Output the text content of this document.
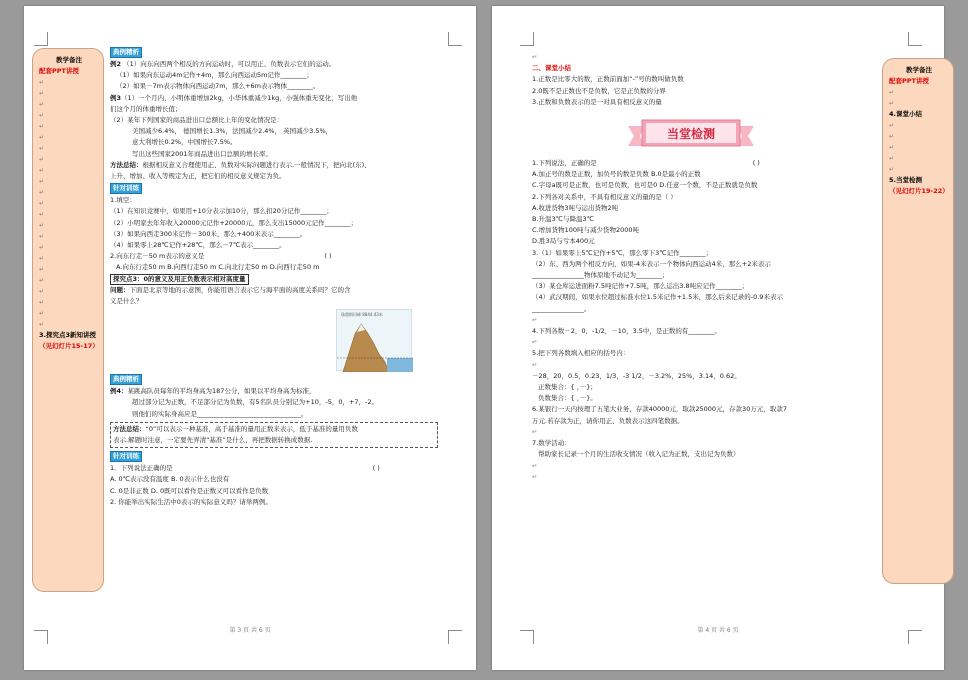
教学备注
配套PPT讲授
↵
↵
↵
↵
↵
↵
↵
↵
↵
↵
↵
↵
↵
↵
↵
↵
↵
↵
↵
↵
↵
↵
↵
3.探究点3新知讲授
（见幻灯片15-17）
典例精析
例2 （1）向东向西两个相反的方向运动时，可以用正、负数表示它们的运动。
（1）如果向东运动4m记作+4m，那么向西运动5m记作________；
（2）如果－7m表示物体向西运动7m，那么+6m表示物体________。
例3（1）一个月内，小明体重增加2kg，小华体重减少1kg，小强体重无变化，写出他
们这个月的体重增长值；
（2）某年下列国家的商品进出口总额比上年的变化情况是：
美国减少6.4%， 德国增长1.3%，法国减少2.4%， 英国减少3.5%，
意大利增长0.2%，中国增长7.5%。
写出这些国家2001年商品进出口总额的增长率。
方法总结：根据相反意义合理使用正、负数对实际问题进行表示.一般情况下，把向北(东)、
上升、增加、收入等规定为正，把它们的相反意义规定为负。
针对训练
1.填空：
（1）在知识竞赛中，如果用+10分表示加10分，那么扣20分记作________；
（2）小明家去年年收入20000元记作+20000元，那么支出15000元记作________；
（3）如果向西走300米记作－300米，那么+400米表示________。
（4）如果零上28℃记作+28℃，那么－7℃表示________。
2.向东行走－50 m表示的意义是	( )
A.向东行走50 m B.向西行走50 m C.向北行走50 m D.向西行走50 m
探究点3：0的意义及用正负数表示相对高度量
问题：下面是北京等地的示意图，你能用语言表示它与海平面的高度关系吗？它的含
义是什么？
珠穆朗玛峰 8844.43米
典例精析
例4：某跳高队员每年的平均身高为187公分，如果以平均身高为标准，
超过部分记为正数，不足部分记为负数，有5名队员分别记为+10，-5，0，+7，-2。
则他们的实际身高应是________________________________。
方法总结：“0”可以表示一种基准，高于基准的量用正数来表示，低于基准的量用负数
表示.解题时注意，一定要先弄清“基准”是什么，再把数据转换成数据.
针对训练
1．下列说法正确的是	( )
A. 0℃表示没有温度 B. 0表示什么也没有
C. 0是非正数 D. 0既可以看作是正数又可以看作是负数
2. 你能举出实际生活中0表示的实际意义吗？请举两例。
第 3 页 共 6 页
教学备注
配套PPT讲授
↵
↵
4.课堂小结
↵
↵
↵
↵
↵
5.当堂检测
（见幻灯片19-22）
↵
二、课堂小结
1.正数是比零大的数，正数前面加“-”号的数叫做负数
2.0既不是正数也不是负数，它是正负数的分界
3.正数和负数表示的是一对具有相反意义的量
当堂检测
1.下列说法，正确的是	( )
A.加正号的数是正数，加负号的数是负数 B.0是最小的正数
C.字母a既可是正数，也可是负数，也可是0 D.任意一个数，不是正数就是负数
2.下列各对关系中，不具有相反意义的量的是（ ）
A.收进货物3吨与运出货物2吨
B.升温3℃与降温3℃
C.增加货物100吨与减少货物2000吨
D.胜3局与亏本400元
3.（1）如果零上5℃记作+5℃，那么零下3℃记作________；
（2）东、西为两个相反方向，如果-4米表示一个物体向西运动4米，那么+2米表示
________________物体原地不动记为________；
（3）某仓库运进面粉7.5吨记作+7.5吨，那么运出3.8吨应记作________；
（4）武汉期间，如果水位超过标准水位1.5米记作+1.5米，那么后来记录的-0.9米表示
________________。
↵
4.下列各数－2，0，-1/2，－10，3.5中，是正数的有________。
↵
5.把下列各数填入相应的括号内：
↵
－28，20，0.5，0.23，1/3，-3 1/2，－3.2%，25%，3.14，0.62。
正数集合：{ ，···}；
负数集合：{ ，···}。
6.某银行一天内按理了五笔大业务，存款40000元，取款25000元，存款30万元，取款7
万元.若存款为正，请你用正、负数表示这四笔数据。
↵
7.数学活动：
帮助家长记录一个月的生活收支情况（收入记为正数，支出记为负数）
↵
↵
第 4 页 共 6 页
